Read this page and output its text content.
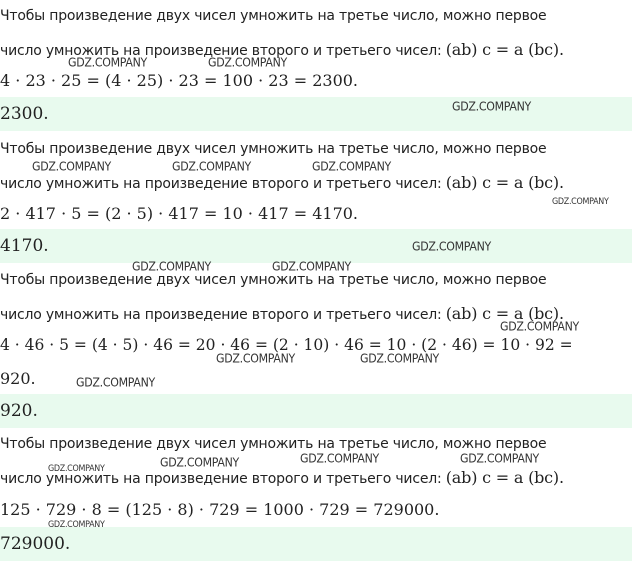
Чтобы произведение двух чисел умножить на третье число, можно первое
число умножить на произведение второго и третьего чисел: (ab) c = a (bc).
4 · 23 · 25 = (4 · 25) · 23 = 100 · 23 = 2300.
2300.
Чтобы произведение двух чисел умножить на третье число, можно первое
число умножить на произведение второго и третьего чисел: (ab) c = a (bc).
2 · 417 · 5 = (2 · 5) · 417 = 10 · 417 = 4170.
4170.
Чтобы произведение двух чисел умножить на третье число, можно первое
число умножить на произведение второго и третьего чисел: (ab) c = a (bc).
4 · 46 · 5 = (4 · 5) · 46 = 20 · 46 = (2 · 10) · 46 = 10 · (2 · 46) = 10 · 92 =
920.
920.
Чтобы произведение двух чисел умножить на третье число, можно первое
число умножить на произведение второго и третьего чисел: (ab) c = a (bc).
125 · 729 · 8 = (125 · 8) · 729 = 1000 · 729 = 729000.
729000.
GDZ.COMPANY	GDZ.COMPANY
GDZ.COMPANY
GDZ.COMPANY	GDZ.COMPANY	GDZ.COMPANY
GDZ.COMPANY
GDZ.COMPANY
GDZ.COMPANY	GDZ.COMPANY
GDZ.COMPANY
GDZ.COMPANY	GDZ.COMPANY
GDZ.COMPANY
GDZ.COMPANY	GDZ.COMPANY	GDZ.COMPANY
GDZ.COMPANY
GDZ.COMPANY
